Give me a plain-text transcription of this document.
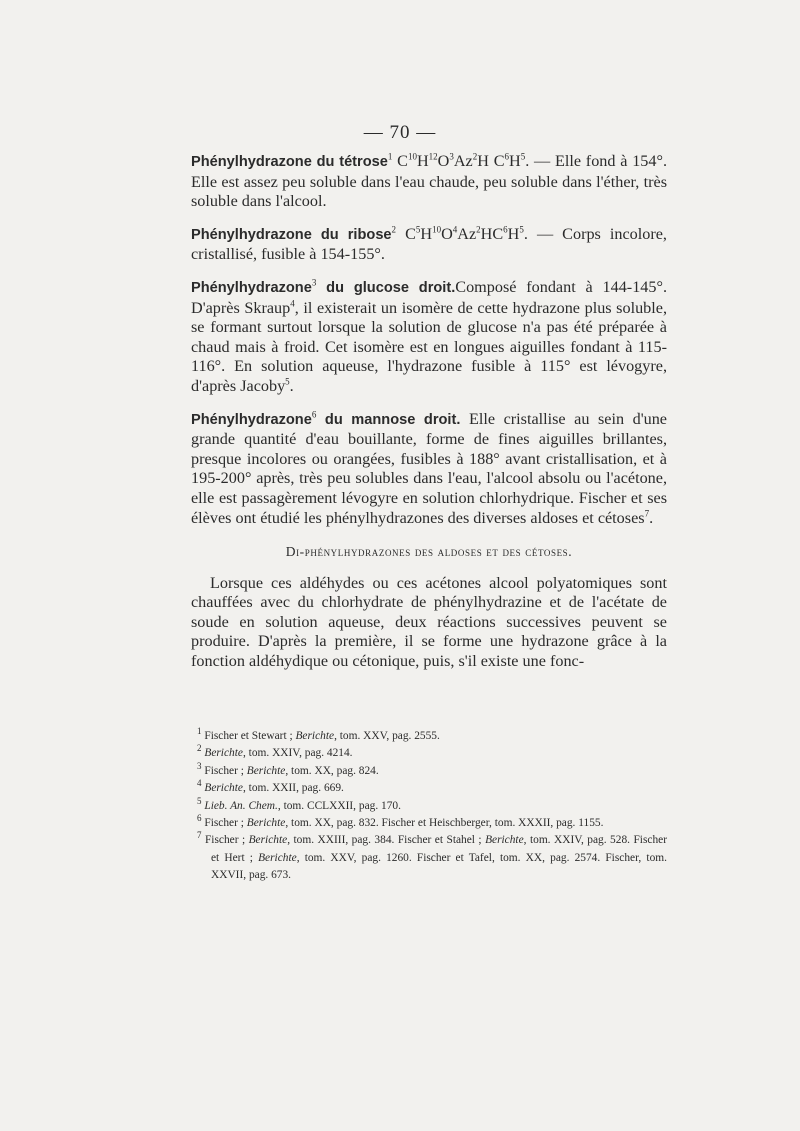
— 70 —

Phénylhydrazone du tétrose$^1$ $C^{10}H^{12}O^3Az^2H$ $C^6H^5$. — Elle fond à 154°. Elle est assez peu soluble dans l'eau chaude, peu soluble dans l'éther, très soluble dans l'alcool.

Phénylhydrazone du ribose$^2$ $C^5H^{10}O^4Az^2HC^6H^5$. — Corps incolore, cristallisé, fusible à 154-155°.

Phénylhydrazone$^3$ du glucose droit.Composé fondant à 144-145°. D'après Skraup$^4$, il existerait un isomère de cette hydrazone plus soluble, se formant surtout lorsque la solution de glucose n'a pas été préparée à chaud mais à froid. Cet isomère est en longues aiguilles fondant à 115-116°. En solution aqueuse, l'hydrazone fusible à 115° est lévogyre, d'après Jacoby$^5$.

Phénylhydrazone$^6$ du mannose droit. Elle cristallise au sein d'une grande quantité d'eau bouillante, forme de fines aiguilles brillantes, presque incolores ou orangées, fusibles à 188° avant cristallisation, et à 195-200° après, très peu solubles dans l'eau, l'alcool absolu ou l'acétone, elle est passagèrement lévogyre en solution chlorhydrique. Fischer et ses élèves ont étudié les phénylhydrazones des diverses aldoses et cétoses$^7$.

Di-phénylhydrazones des aldoses et des cétoses.

Lorsque ces aldéhydes ou ces acétones alcool polyatomiques sont chauffées avec du chlorhydrate de phénylhydrazine et de l'acétate de soude en solution aqueuse, deux réactions successives peuvent se produire. D'après la première, il se forme une hydrazone grâce à la fonction aldéhydique ou cétonique, puis, s'il existe une fonc-

$^1$ Fischer et Stewart ; Berichte, tom. XXV, pag. 2555.

$^2$ Berichte, tom. XXIV, pag. 4214.

$^3$ Fischer ; Berichte, tom. XX, pag. 824.

$^4$ Berichte, tom. XXII, pag. 669.

$^5$ Lieb. An. Chem., tom. CCLXXII, pag. 170.

$^6$ Fischer ; Berichte, tom. XX, pag. 832. Fischer et Heischberger, tom. XXXII, pag. 1155.

$^7$ Fischer ; Berichte, tom. XXIII, pag. 384. Fischer et Stahel ; Berichte, tom. XXIV, pag. 528. Fischer et Hert ; Berichte, tom. XXV, pag. 1260. Fischer et Tafel, tom. XX, pag. 2574. Fischer, tom. XXVII, pag. 673.
